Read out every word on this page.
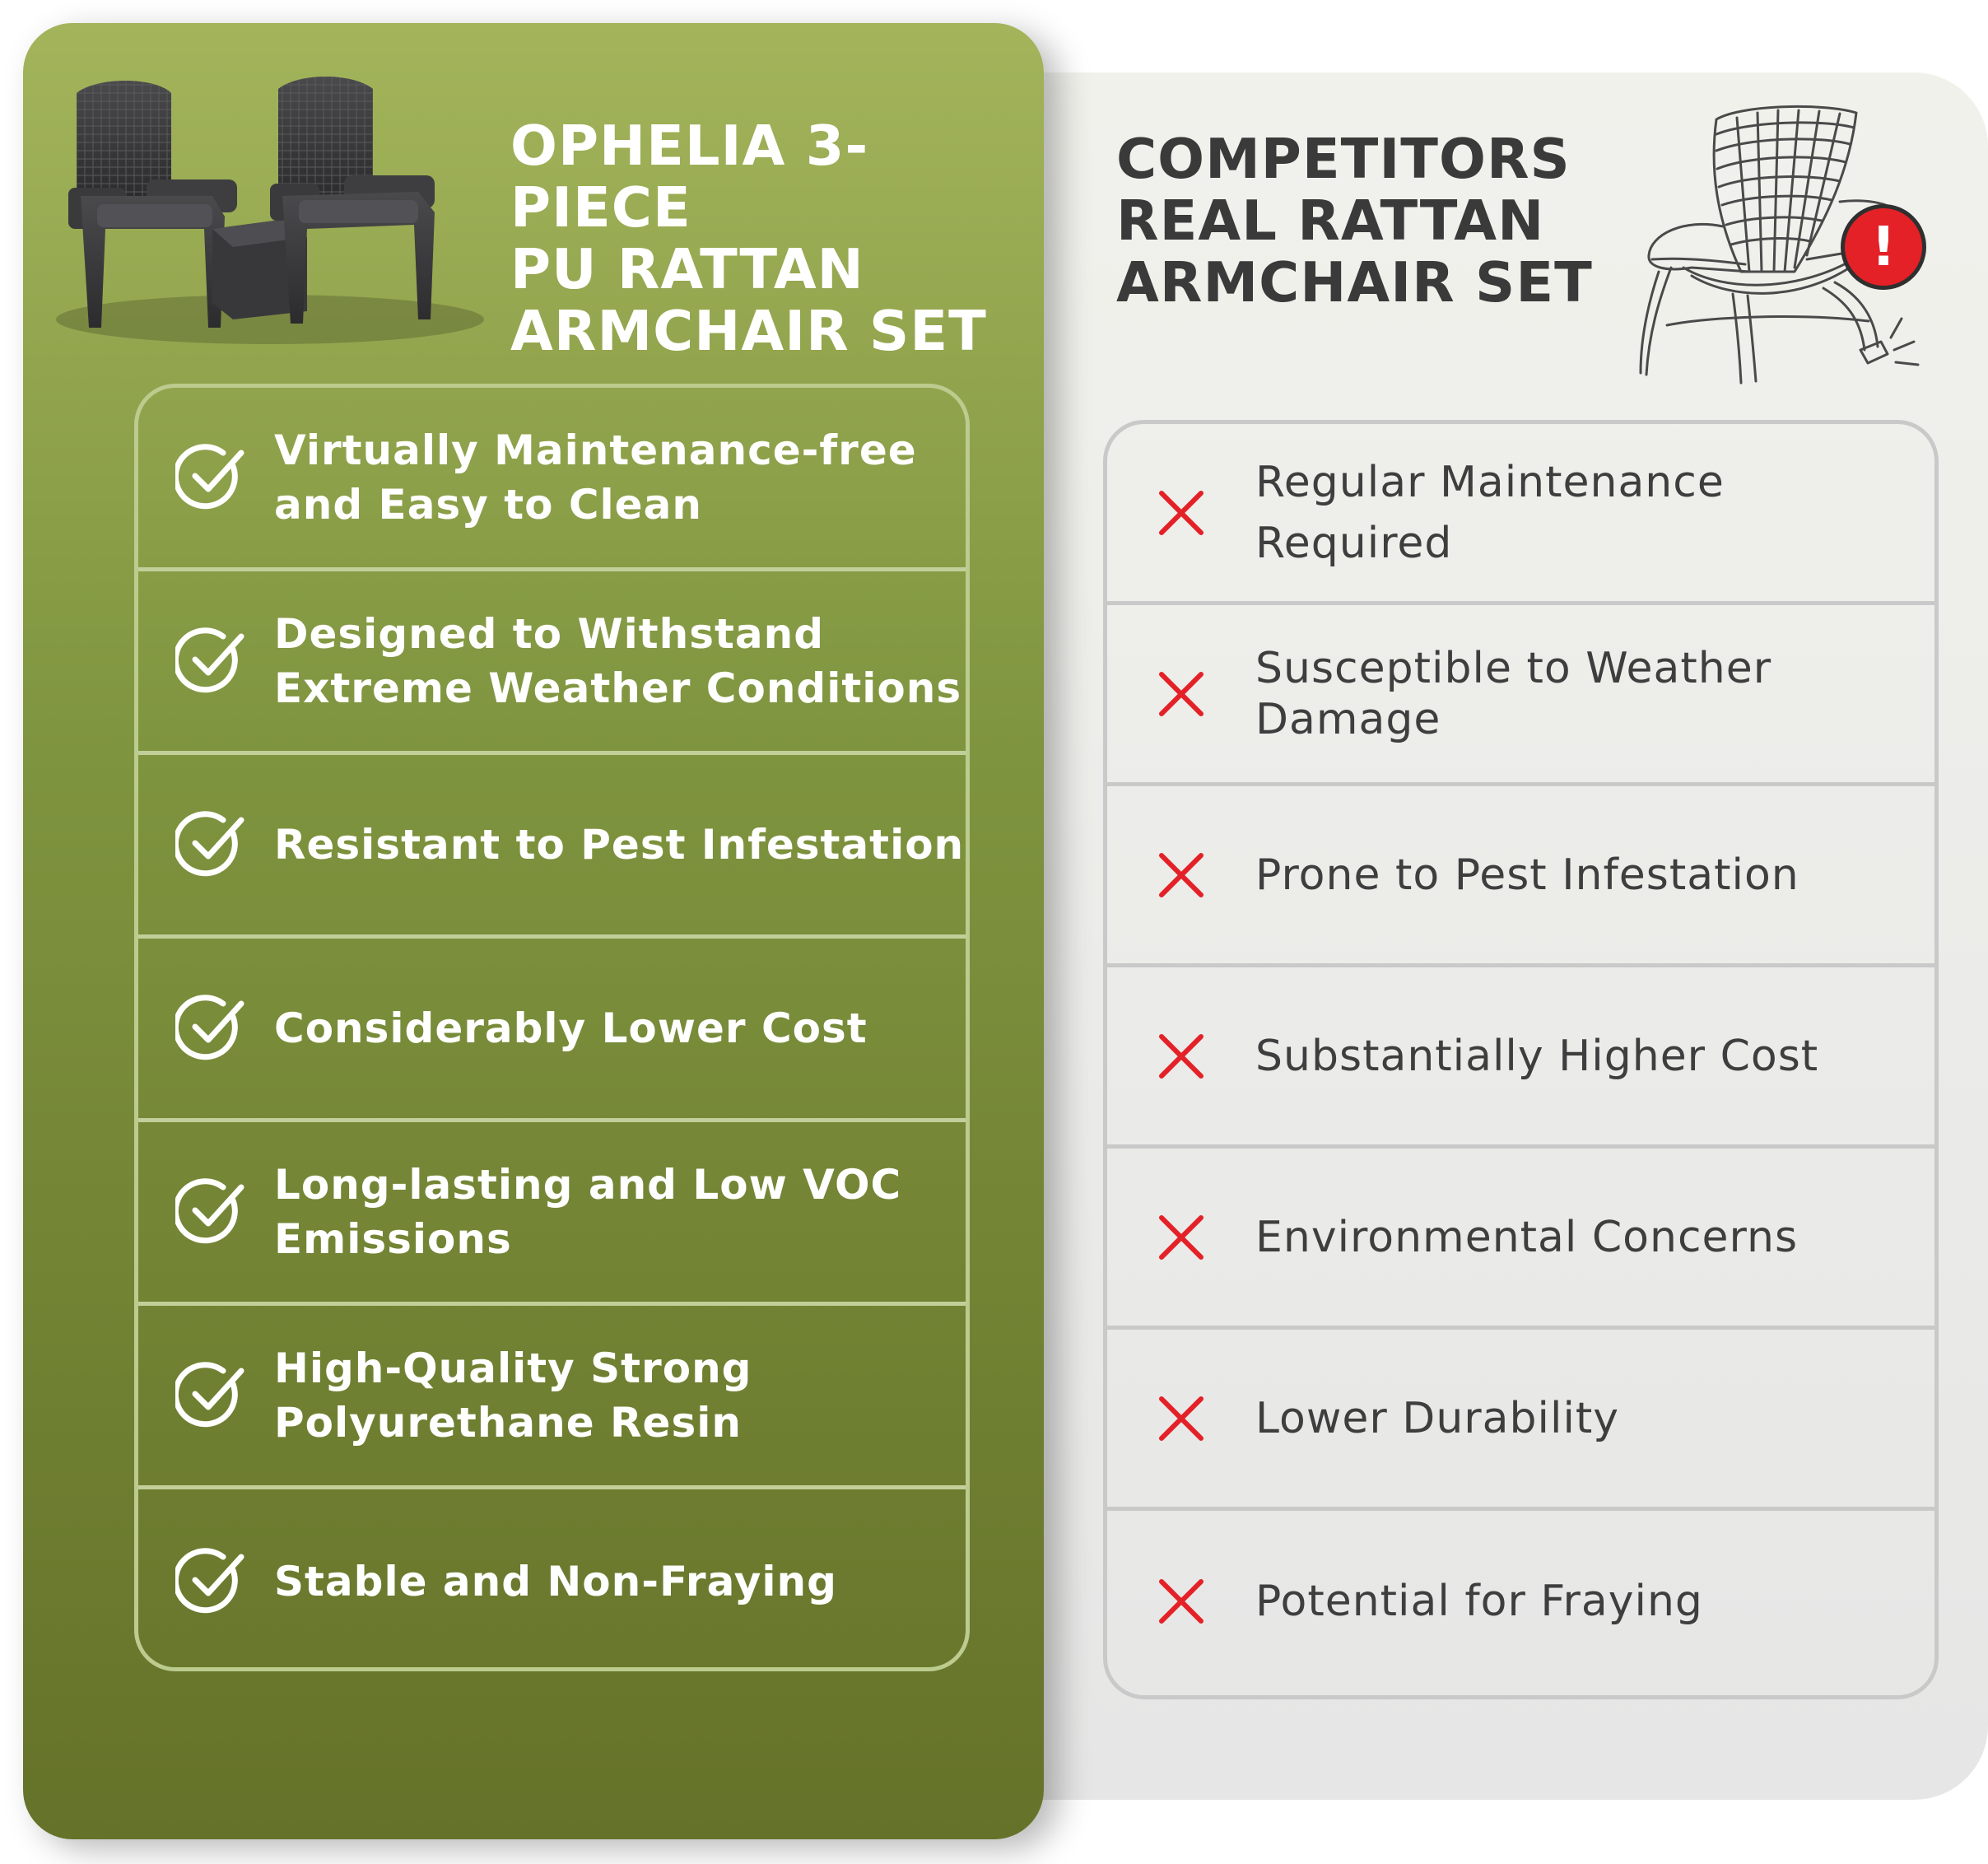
COMPETITORS
REAL RATTAN
ARMCHAIR SET
!
Regular Maintenance
Required
Susceptible to Weather
Damage
Prone to Pest Infestation
Substantially Higher Cost
Environmental Concerns
Lower Durability
Potential for Fraying
OPHELIA 3-PIECE
PU RATTAN
ARMCHAIR SET
Virtually Maintenance-free
and Easy to Clean
Designed to Withstand
Extreme Weather Conditions
Resistant to Pest Infestation
Considerably Lower Cost
Long-lasting and Low VOC
Emissions
High-Quality Strong
Polyurethane Resin
Stable and Non-Fraying
